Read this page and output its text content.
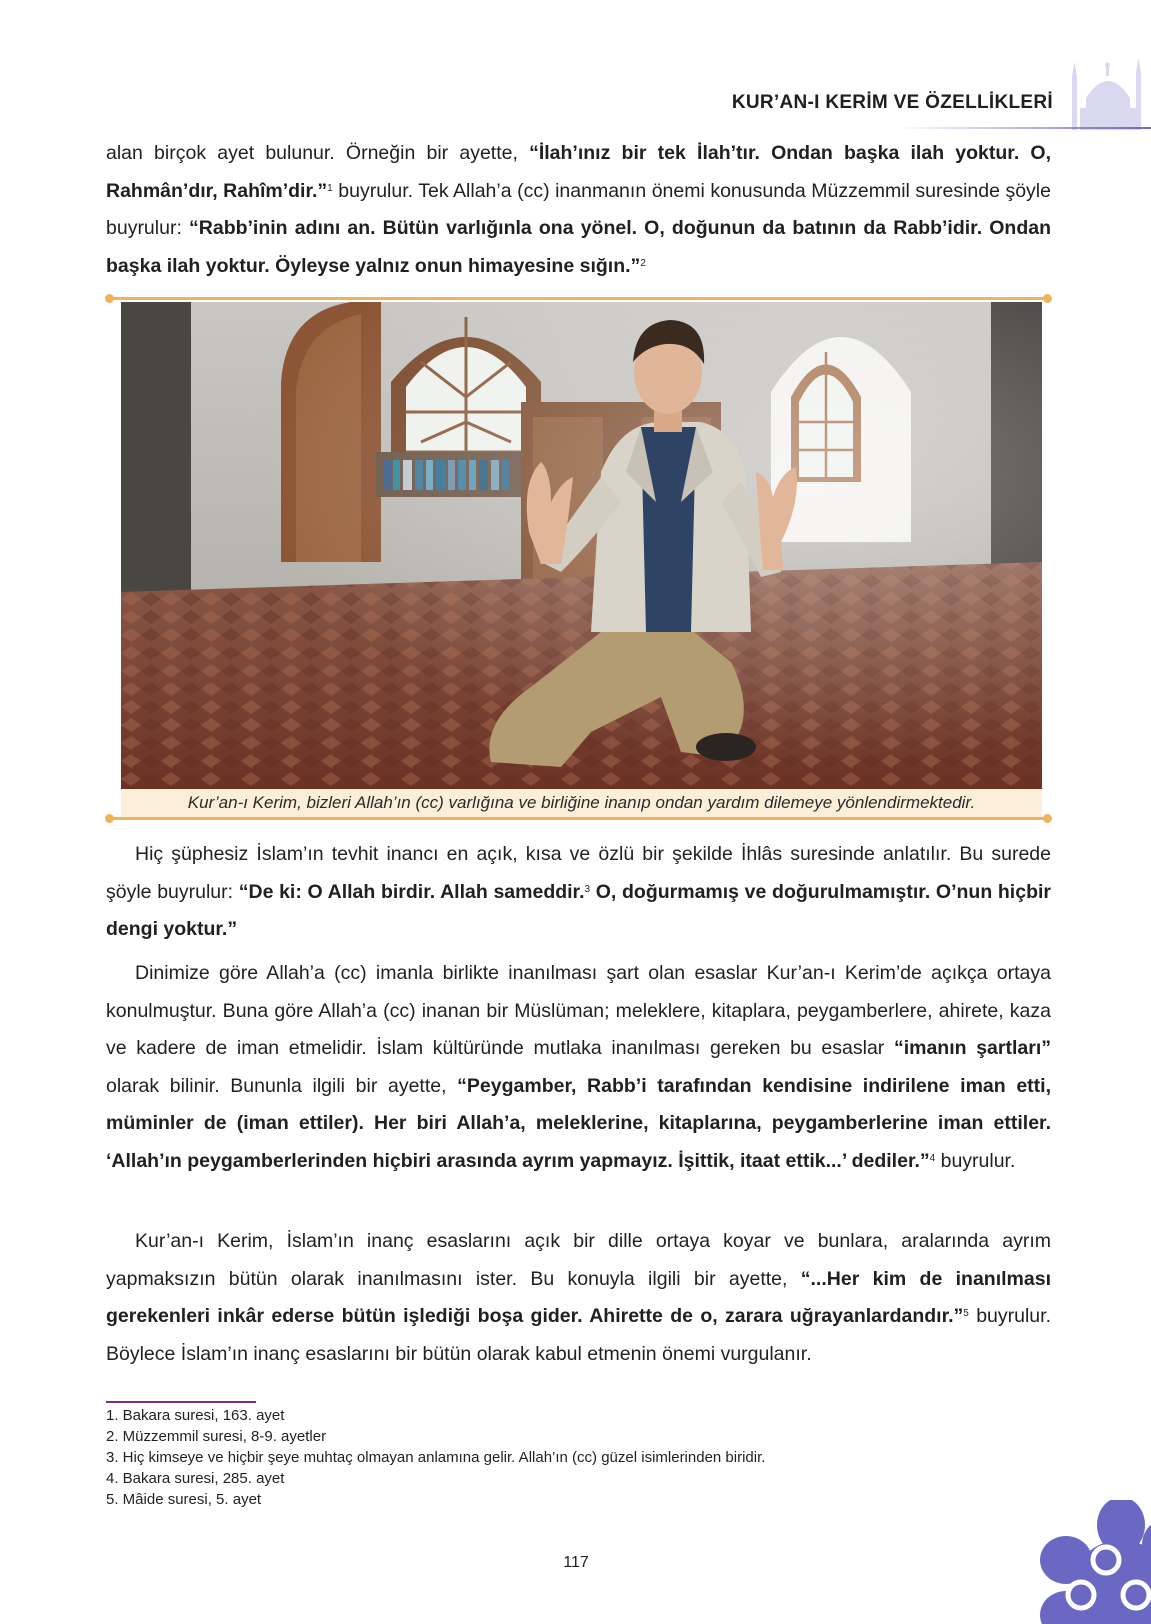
KUR’AN-I KERİM VE ÖZELLİKLERİ

alan birçok ayet bulunur. Örneğin bir ayette, “İlah’ınız bir tek İlah’tır. Ondan başka ilah yoktur. O, Rahmân’dır, Rahîm’dir.”$^1$ buyrulur. Tek Allah’a (cc) inanmanın önemi konusunda Müzzemmil suresinde şöyle buyrulur: “Rabb’inin adını an. Bütün varlığınla ona yönel. O, doğunun da batının da Rabb’idir. Ondan başka ilah yoktur. Öyleyse yalnız onun himayesine sığın.”$^2$

Kur’an-ı Kerim, bizleri Allah’ın (cc) varlığına ve birliğine inanıp ondan yardım dilemeye yönlendirmektedir.

Hiç şüphesiz İslam’ın tevhit inancı en açık, kısa ve özlü bir şekilde İhlâs suresinde anlatılır. Bu surede şöyle buyrulur: “De ki: O Allah birdir. Allah sameddir.$^3$ O, doğurmamış ve doğurulmamıştır. O’nun hiçbir dengi yoktur.”

Dinimize göre Allah’a (cc) imanla birlikte inanılması şart olan esaslar Kur’an-ı Kerim’de açıkça ortaya konulmuştur. Buna göre Allah’a (cc) inanan bir Müslüman; meleklere, kitaplara, peygamberlere, ahirete, kaza ve kadere de iman etmelidir. İslam kültüründe mutlaka inanılması gereken bu esaslar “imanın şartları” olarak bilinir. Bununla ilgili bir ayette, “Peygamber, Rabb’i tarafından kendisine indirilene iman etti, müminler de (iman ettiler). Her biri Allah’a, meleklerine, kitaplarına, peygamberlerine iman ettiler. ‘Allah’ın peygamberlerinden hiçbiri arasında ayrım yapmayız. İşittik, itaat ettik...’ dediler.”$^4$ buyrulur.

Kur’an-ı Kerim, İslam’ın inanç esaslarını açık bir dille ortaya koyar ve bunlara, aralarında ayrım yapmaksızın bütün olarak inanılmasını ister. Bu konuyla ilgili bir ayette, “...Her kim de inanılması gerekenleri inkâr ederse bütün işlediği boşa gider. Ahirette de o, zarara uğrayanlardandır.”$^5$ buyrulur. Böylece İslam’ın inanç esaslarını bir bütün olarak kabul etmenin önemi vurgulanır.

1. Bakara suresi, 163. ayet
2. Müzzemmil suresi, 8-9. ayetler
3. Hiç kimseye ve hiçbir şeye muhtaç olmayan anlamına gelir. Allah’ın (cc) güzel isimlerinden biridir.
4. Bakara suresi, 285. ayet
5. Mâide suresi, 5. ayet
117
